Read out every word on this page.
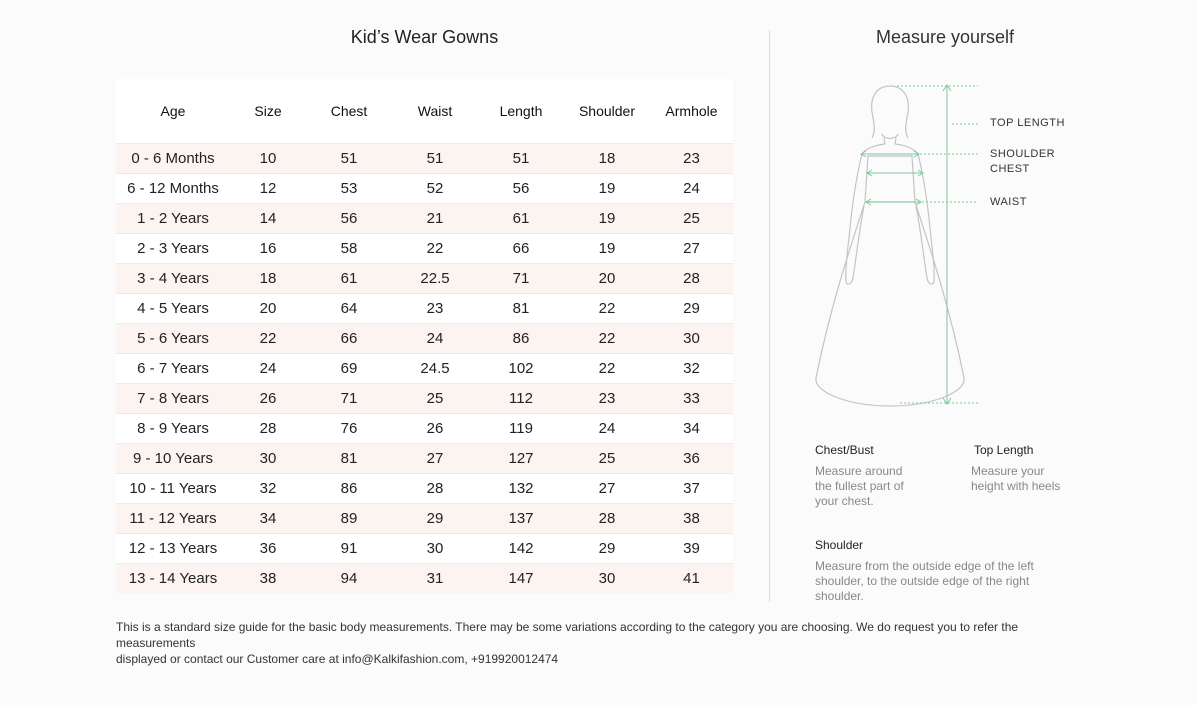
Kid’s Wear Gowns
Age	Size	Chest	Waist	Length	Shoulder	Armhole
0 - 6 Months	10	51	51	51	18	23
6 - 12 Months	12	53	52	56	19	24
1 - 2 Years	14	56	21	61	19	25
2 - 3 Years	16	58	22	66	19	27
3 - 4 Years	18	61	22.5	71	20	28
4 - 5 Years	20	64	23	81	22	29
5 - 6 Years	22	66	24	86	22	30
6 - 7 Years	24	69	24.5	102	22	32
7 - 8 Years	26	71	25	112	23	33
8 - 9 Years	28	76	26	119	24	34
9 - 10 Years	30	81	27	127	25	36
10 - 11 Years	32	86	28	132	27	37
11 - 12 Years	34	89	29	137	28	38
12 - 13 Years	36	91	30	142	29	39
13 - 14 Years	38	94	31	147	30	41
Measure yourself
TOP LENGTH
SHOULDER
CHEST
WAIST
Chest/Bust
Measure around
the fullest part of
your chest.
Top Length
Measure your
height with heels
Shoulder
Measure from the outside edge of the left
shoulder, to the outside edge of the right
shoulder.
This is a standard size guide for the basic body measurements. There may be some variations according to the category you are choosing. We do request you to refer the measurements
displayed or contact our Customer care at info@Kalkifashion.com, +919920012474
